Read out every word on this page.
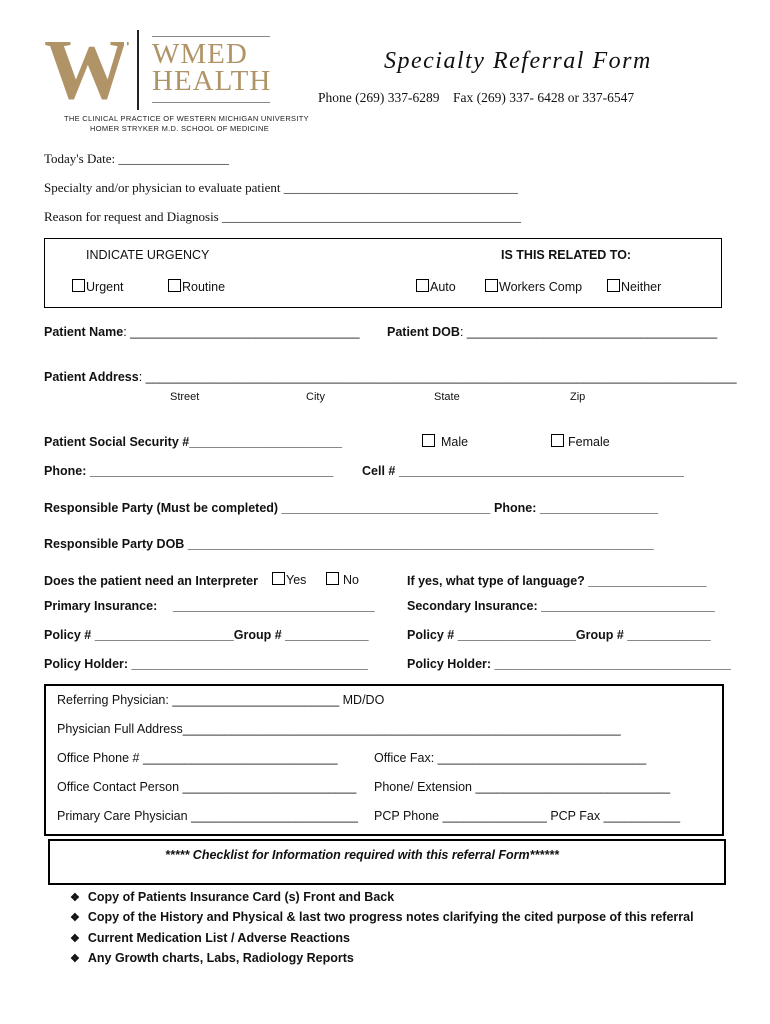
W WMED
HEALTH
THE CLINICAL PRACTICE OF WESTERN MICHIGAN UNIVERSITY
HOMER STRYKER M.D. SCHOOL OF MEDICINE
Specialty Referral Form
Phone (269) 337-6289    Fax (269) 337- 6428 or 337-6547
Today's Date: _________________
Specialty and/or physician to evaluate patient ____________________________________
Reason for request and Diagnosis ______________________________________________
INDICATE URGENCY	IS THIS RELATED TO:
Urgent	Routine	Auto	Workers Comp	Neither
Patient Name: _________________________________ Patient DOB: ____________________________________
Patient Address: _____________________________________________________________________________________
Street	City	State	Zip
Patient Social Security #______________________	Male	Female
Phone: ___________________________________ Cell # _________________________________________
Responsible Party (Must be completed) ______________________________ Phone: _________________
Responsible Party DOB ___________________________________________________________________
Does the patient need an Interpreter	Yes	No	If yes, what type of language? _________________
Primary Insurance: _____________________________	Secondary Insurance: _________________________
Policy # ____________________Group # ____________	Policy # _________________Group # ____________
Policy Holder: __________________________________	Policy Holder: __________________________________
Referring Physician: ________________________ MD/DO
Physician Full Address_______________________________________________________________
Office Phone # ____________________________	Office Fax: ______________________________
Office Contact Person _________________________ Phone/ Extension ____________________________
Primary Care Physician ________________________ PCP Phone _______________ PCP Fax ___________
***** Checklist for Information required with this referral Form******
❖ Copy of Patients Insurance Card (s) Front and Back
❖ Copy of the History and Physical & last two progress notes clarifying the cited purpose of this referral
❖ Current Medication List / Adverse Reactions
❖ Any Growth charts, Labs, Radiology Reports
